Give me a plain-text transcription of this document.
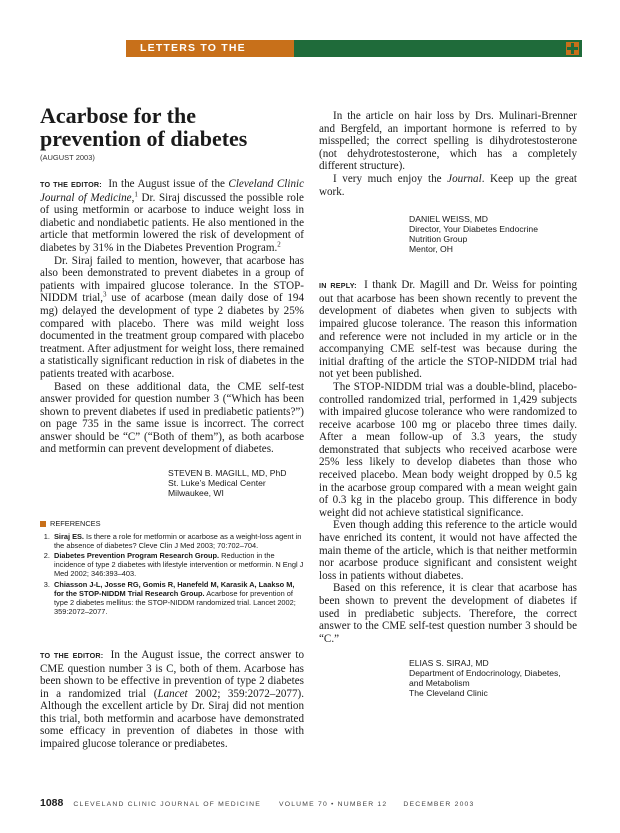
LETTERS TO THE EDITOR
Acarbose for the
prevention of diabetes
(AUGUST 2003)

TO THE EDITOR: In the August issue of the Cleveland Clinic Journal of Medicine,$^1$ Dr. Siraj discussed the possible role of using metformin or acarbose to induce weight loss in diabetic and nondiabetic patients. He also mentioned in the article that metformin lowered the risk of development of diabetes by 31% in the Diabetes Prevention Program.$^2$

Dr. Siraj failed to mention, however, that acarbose has also been demonstrated to prevent diabetes in a group of patients with impaired glucose tolerance. In the STOP-NIDDM trial,$^3$ use of acarbose (mean daily dose of 194 mg) delayed the development of type 2 diabetes by 25% compared with placebo. There was mild weight loss documented in the treatment group compared with placebo treatment. After adjustment for weight loss, there remained a statistically significant reduction in risk of diabetes in the patients treated with acarbose.

Based on these additional data, the CME self-test answer provided for question number 3 (“Which has been shown to prevent diabetes if used in prediabetic patients?”) on page 735 in the same issue is incorrect. The correct answer should be “C” (“Both of them”), as both acarbose and metformin can prevent development of diabetes.

STEVEN B. MAGILL, MD, PhD
St. Luke’s Medical Center
Milwaukee, WI
REFERENCES
1. Siraj ES. Is there a role for metformin or acarbose as a weight-loss agent in the absence of diabetes? Cleve Clin J Med 2003; 70:702–704.
2. Diabetes Prevention Program Research Group. Reduction in the incidence of type 2 diabetes with lifestyle intervention or metformin. N Engl J Med 2002; 346:393–403.
3. Chiasson J-L, Josse RG, Gomis R, Hanefeld M, Karasik A, Laakso M, for the STOP-NIDDM Trial Research Group. Acarbose for prevention of type 2 diabetes mellitus: the STOP-NIDDM randomized trial. Lancet 2002; 359:2072–2077.

TO THE EDITOR: In the August issue, the correct answer to CME question number 3 is C, both of them. Acarbose has been shown to be effective in prevention of type 2 diabetes in a randomized trial (Lancet 2002; 359:2072–2077). Although the excellent article by Dr. Siraj did not mention this trial, both metformin and acarbose have demonstrated some efficacy in prevention of diabetes in those with impaired glucose tolerance or prediabetes.

In the article on hair loss by Drs. Mulinari-Brenner and Bergfeld, an important hormone is referred to by misspelled; the correct spelling is dihydrotestosterone (not dehydrotestosterone, which has a completely different structure).

I very much enjoy the Journal. Keep up the great work.

DANIEL WEISS, MD
Director, Your Diabetes Endocrine
Nutrition Group
Mentor, OH

IN REPLY: I thank Dr. Magill and Dr. Weiss for pointing out that acarbose has been shown recently to prevent the development of diabetes when given to subjects with impaired glucose tolerance. The reason this information and reference were not included in my article or in the accompanying CME self-test was because during the initial drafting of the article the STOP-NIDDM trial had not yet been published.

The STOP-NIDDM trial was a double-blind, placebo-controlled randomized trial, performed in 1,429 subjects with impaired glucose tolerance who were randomized to receive acarbose 100 mg or placebo three times daily. After a mean follow-up of 3.3 years, the study demonstrated that subjects who received acarbose were 25% less likely to develop diabetes than those who received placebo. Mean body weight dropped by 0.5 kg in the acarbose group compared with a mean weight gain of 0.3 kg in the placebo group. This difference in body weight did not achieve statistical significance.

Even though adding this reference to the article would have enriched its content, it would not have affected the main theme of the article, which is that neither metformin nor acarbose produce significant and consistent weight loss in patients without diabetes.

Based on this reference, it is clear that acarbose has been shown to prevent the development of diabetes if used in prediabetic subjects. Therefore, the correct answer to the CME self-test question number 3 should be “C.”

ELIAS S. SIRAJ, MD
Department of Endocrinology, Diabetes,
and Metabolism
The Cleveland Clinic
1088 CLEVELAND CLINIC JOURNAL OF MEDICINE	VOLUME 70 • NUMBER 12 DECEMBER 2003
